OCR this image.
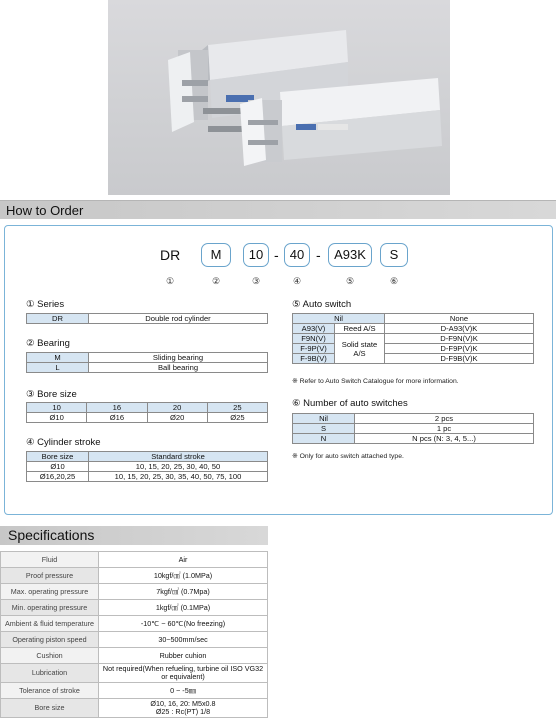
How to Order
DR	M	10 - 40 -	A93K	S
①	②	③	④	⑤	⑥
① Series
DR	Double rod cylinder
② Bearing
M	Sliding bearing
L	Ball bearing
③ Bore size
10	16	20	25
Ø10	Ø16	Ø20	Ø25
④ Cylinder stroke
Bore size	Standard stroke
Ø10	10, 15, 20, 25, 30, 40, 50
Ø16,20,25	10, 15, 20, 25, 30, 35, 40, 50, 75, 100
⑤ Auto switch
Nil		None
A93(V)	Reed A/S	D-A93(V)K
F9N(V)	Solid state A/S	D-F9N(V)K
F-9P(V)		D-F9P(V)K
F-9B(V)		D-F9B(V)K
※ Refer to Auto Switch Catalogue for more information.
⑥ Number of auto switches
Nil	2 pcs
S	1 pc
N	N pcs (N: 3, 4, 5...)
※ Only for auto switch attached type.
Specifications
Fluid	Air
Proof pressure	10kgf/㎠ (1.0MPa)
Max. operating pressure	7kgf/㎠ (0.7Mpa)
Min. operating pressure	1kgf/㎠ (0.1MPa)
Ambient & fluid temperature	-10℃ ~ 60℃(No freezing)
Operating piston speed	30~500mm/sec
Cushion	Rubber cuhion
Lubrication	Not required(When refueling, turbine oil ISO VG32 or equivalent)
Tolerance of stroke	0 ~ -5㎜
Bore size	Ø10, 16, 20: M5x0.8
Ø25 : Rc(PT) 1/8
